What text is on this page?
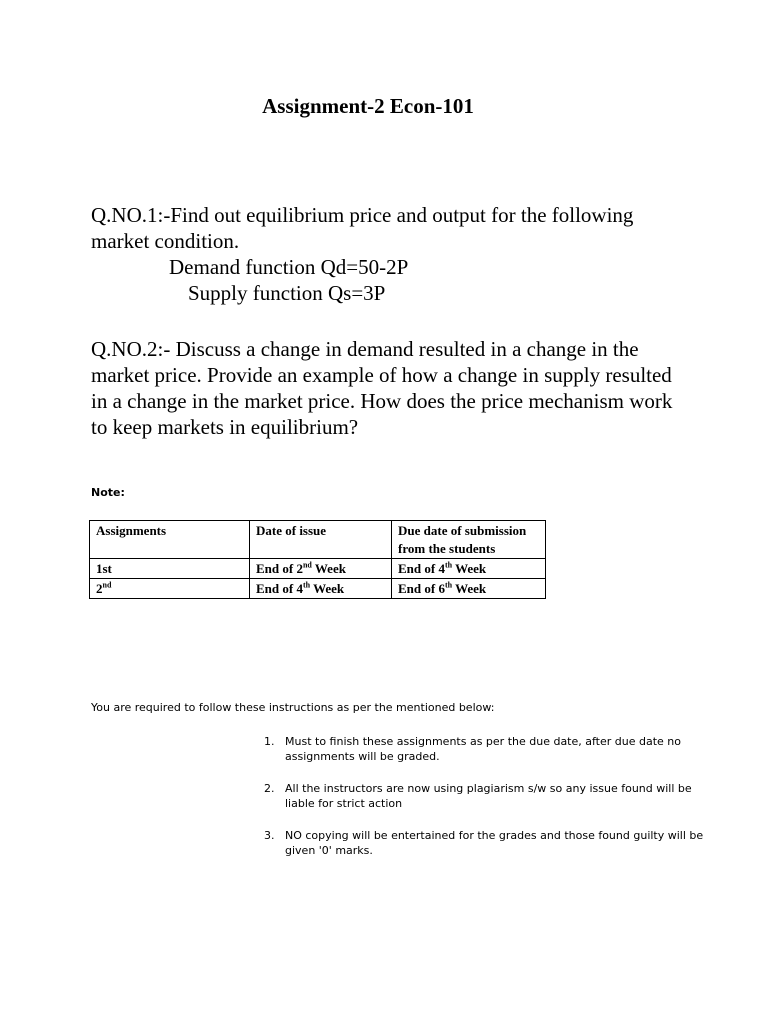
Assignment-2 Econ-101
Q.NO.1:-Find out equilibrium price and output for the following market condition.
Demand function Qd=50-2P
Supply function Qs=3P
Q.NO.2:- Discuss a change in demand resulted in a change in the market price. Provide an example of how a change in supply resulted in a change in the market price. How does the price mechanism work to keep markets in equilibrium?

Note:

Assignments	Date of issue	Due date of submission from the students
1st	End of 2nd Week	End of 4th Week
2nd	End of 4th Week	End of 6th Week

You are required to follow these instructions as per the mentioned below:

1. Must to finish these assignments as per the due date, after due date no assignments will be graded.
2. All the instructors are now using plagiarism s/w so any issue found will be liable for strict action
3. NO copying will be entertained for the grades and those found guilty will be given '0' marks.
